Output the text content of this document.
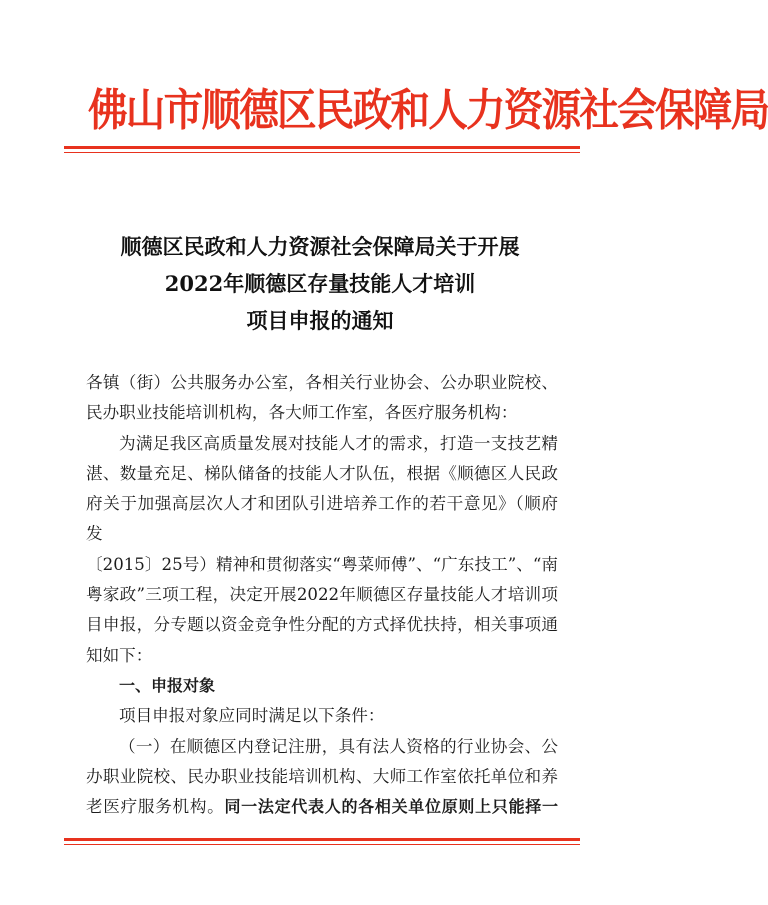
佛山市顺德区民政和人力资源社会保障局
顺德区民政和人力资源社会保障局关于开展
2022年顺德区存量技能人才培训
项目申报的通知

各镇（街）公共服务办公室，各相关行业协会、公办职业院校、

民办职业技能培训机构，各大师工作室，各医疗服务机构：

为满足我区高质量发展对技能人才的需求，打造一支技艺精

湛、数量充足、梯队储备的技能人才队伍，根据《顺德区人民政

府关于加强高层次人才和团队引进培养工作的若干意见》（顺府发

〔2015〕25号）精神和贯彻落实“粤菜师傅”、“广东技工”、“南

粤家政”三项工程，决定开展2022年顺德区存量技能人才培训项

目申报，分专题以资金竞争性分配的方式择优扶持，相关事项通

知如下：

一、申报对象

项目申报对象应同时满足以下条件：

（一）在顺德区内登记注册，具有法人资格的行业协会、公

办职业院校、民办职业技能培训机构、大师工作室依托单位和养

老医疗服务机构。同一法定代表人的各相关单位原则上只能择一
